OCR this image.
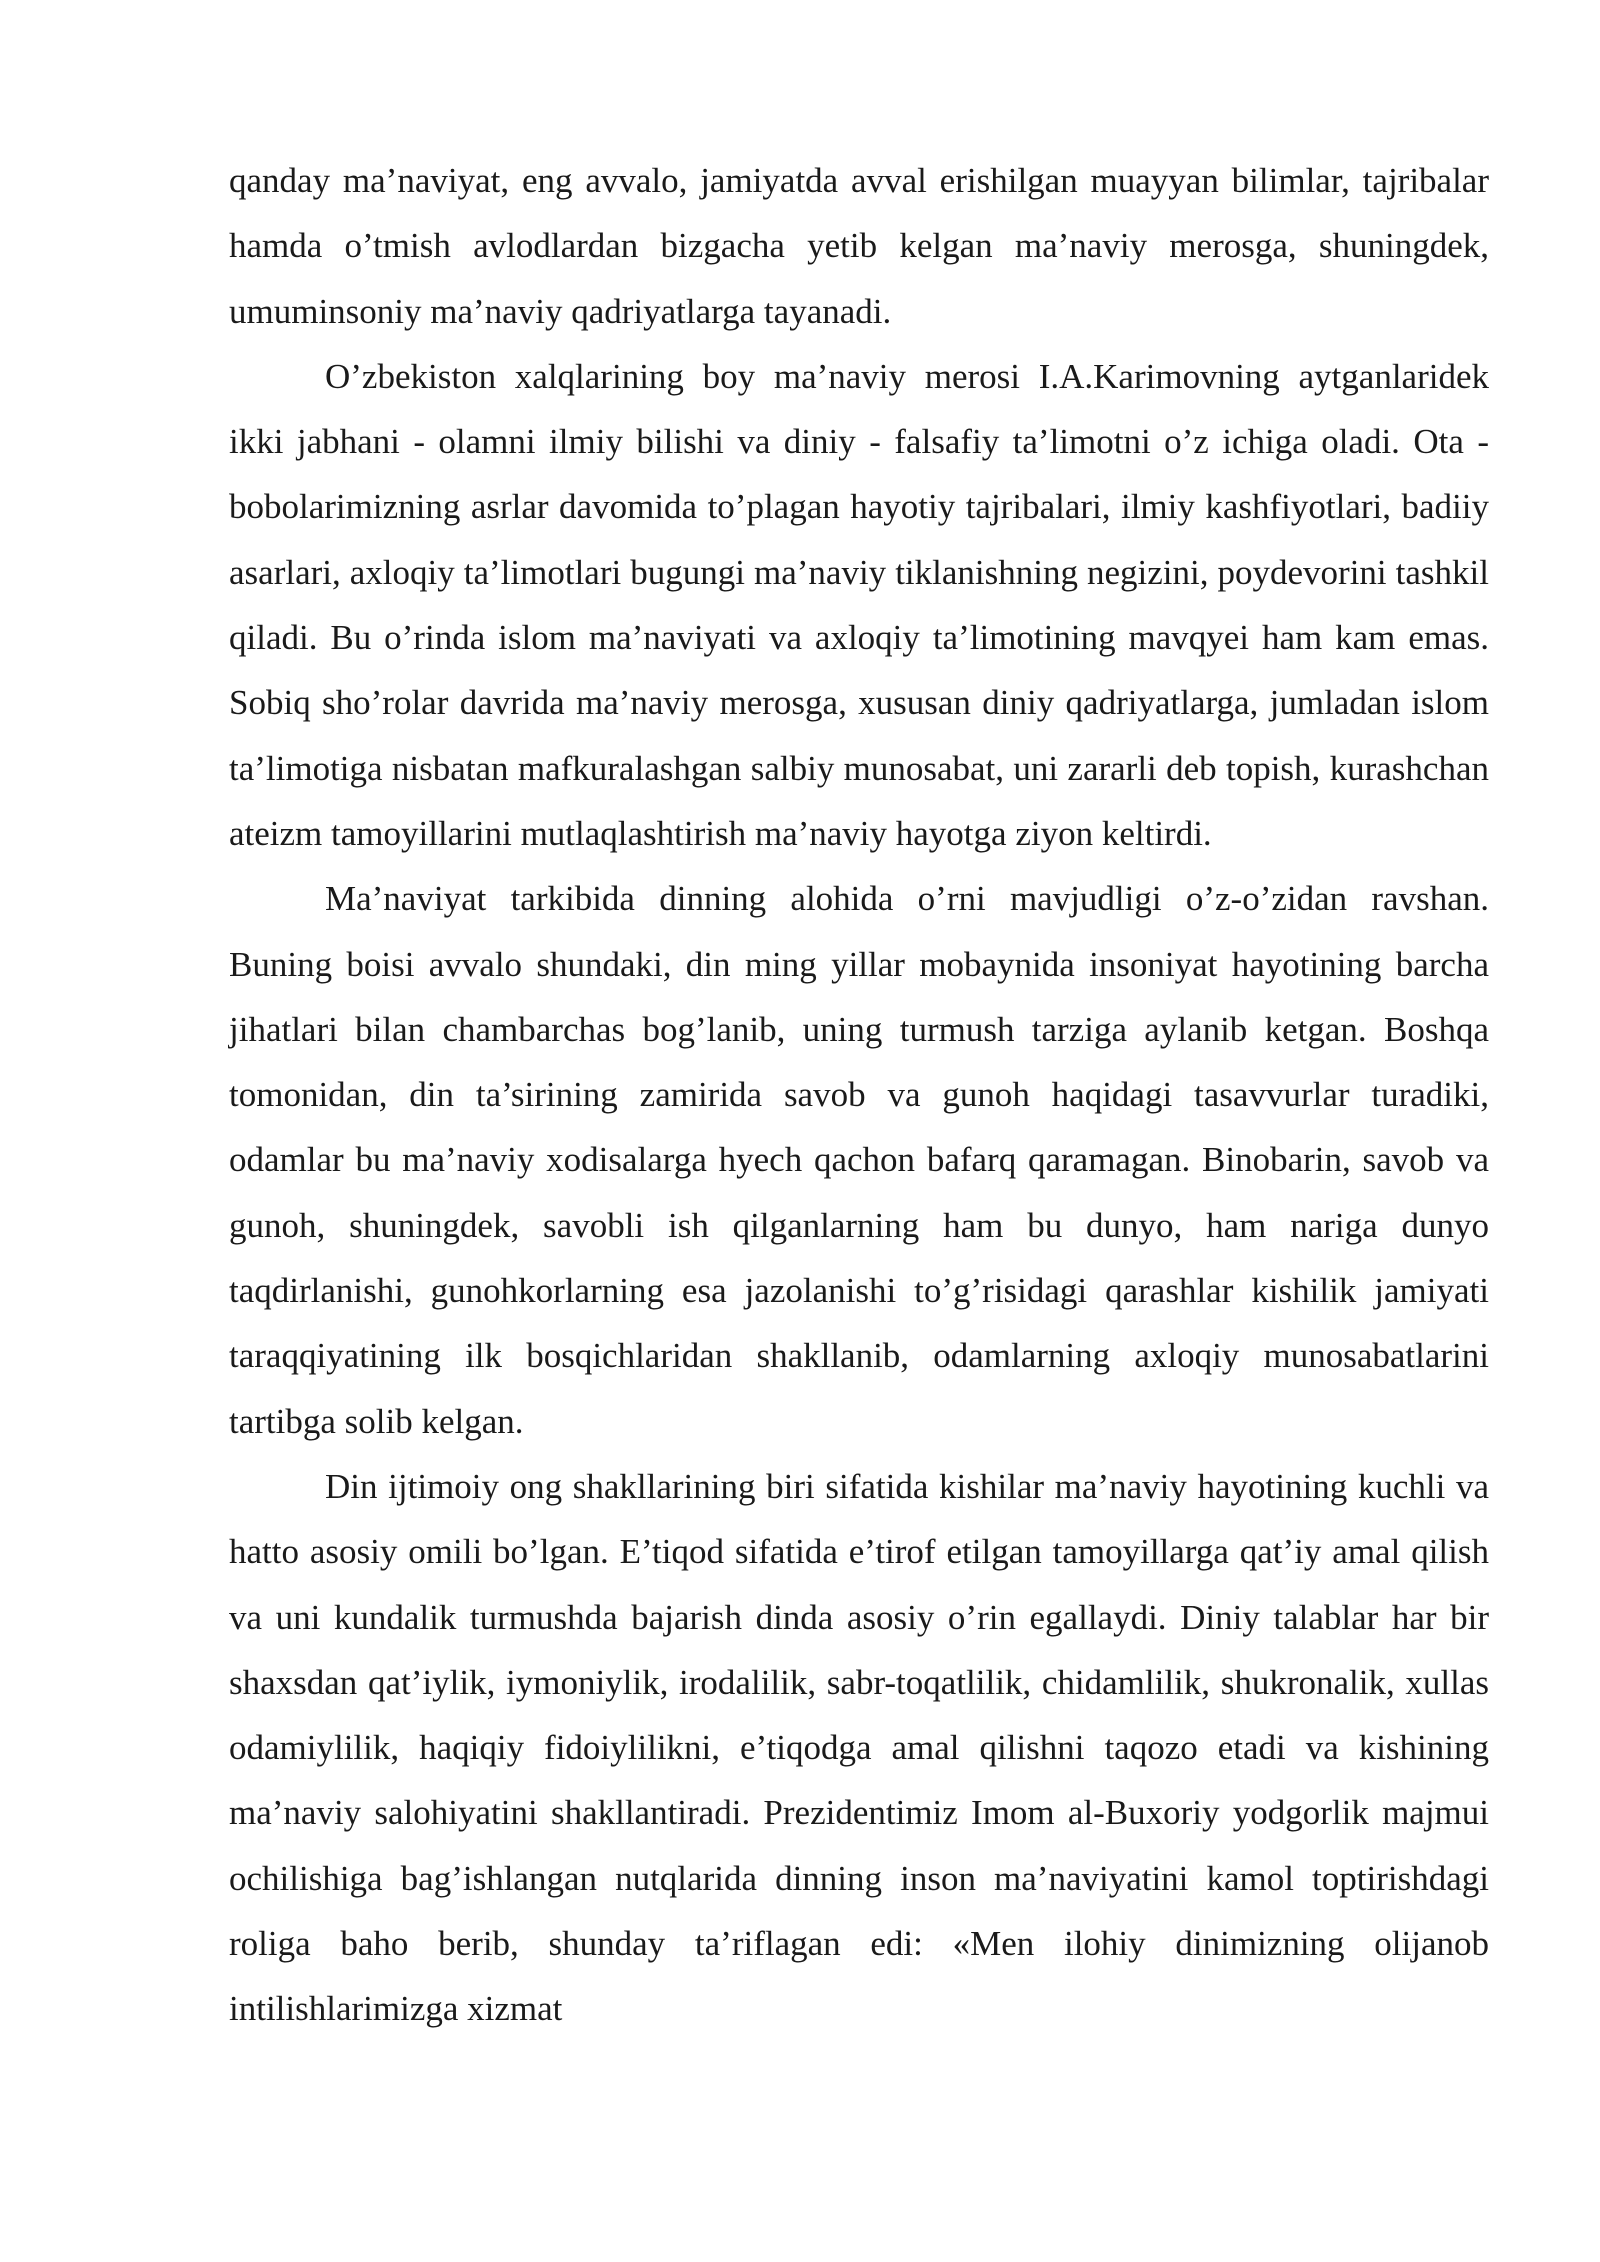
qanday ma’naviyat, eng avvalo, jamiyatda avval erishilgan muayyan bilimlar, tajribalar hamda o’tmish avlodlardan bizgacha yetib kelgan ma’naviy merosga, shuningdek, umuminsoniy ma’naviy qadriyatlarga tayanadi.

O’zbekiston xalqlarining boy ma’naviy merosi I.A.Karimovning aytganlaridek ikki jabhani - olamni ilmiy bilishi va diniy - falsafiy ta’limotni o’z ichiga oladi. Ota - bobolarimizning asrlar davomida to’plagan hayotiy tajribalari, ilmiy kashfiyotlari, badiiy asarlari, axloqiy ta’limotlari bugungi ma’naviy tiklanishning negizini, poydevorini tashkil qiladi. Bu o’rinda islom ma’naviyati va axloqiy ta’limotining mavqyei ham kam emas. Sobiq sho’rolar davrida ma’naviy merosga, xususan diniy qadriyatlarga, jumladan islom ta’limotiga nisbatan mafkuralashgan salbiy munosabat, uni zararli deb topish, kurashchan ateizm tamoyillarini mutlaqlashtirish ma’naviy hayotga ziyon keltirdi.

Ma’naviyat tarkibida dinning alohida o’rni mavjudligi o’z-o’zidan ravshan. Buning boisi avvalo shundaki, din ming yillar mobaynida insoniyat hayotining barcha jihatlari bilan chambarchas bog’lanib, uning turmush tarziga aylanib ketgan. Boshqa tomonidan, din ta’sirining zamirida savob va gunoh haqidagi tasavvurlar turadiki, odamlar bu ma’naviy xodisalarga hyech qachon bafarq qaramagan. Binobarin, savob va gunoh, shuningdek, savobli ish qilganlarning ham bu dunyo, ham nariga dunyo taqdirlanishi, gunohkorlarning esa jazolanishi to’g’risidagi qarashlar kishilik jamiyati taraqqiyatining ilk bosqichlaridan shakllanib, odamlarning axloqiy munosabatlarini tartibga solib kelgan.

Din ijtimoiy ong shakllarining biri sifatida kishilar ma’naviy hayotining kuchli va hatto asosiy omili bo’lgan. E’tiqod sifatida e’tirof etilgan tamoyillarga qat’iy amal qilish va uni kundalik turmushda bajarish dinda asosiy o’rin egallaydi. Diniy talablar har bir shaxsdan qat’iylik, iymoniylik, irodalilik, sabr-toqatlilik, chidamlilik, shukronalik, xullas odamiylilik, haqiqiy fidoiylilikni, e’tiqodga amal qilishni taqozo etadi va kishining ma’naviy salohiyatini shakllantiradi. Prezidentimiz Imom al-Buxoriy yodgorlik majmui ochilishiga bag’ishlangan nutqlarida dinning inson ma’naviyatini kamol toptirishdagi roliga baho berib, shunday ta’riflagan edi: «Men ilohiy dinimizning olijanob intilishlarimizga xizmat
